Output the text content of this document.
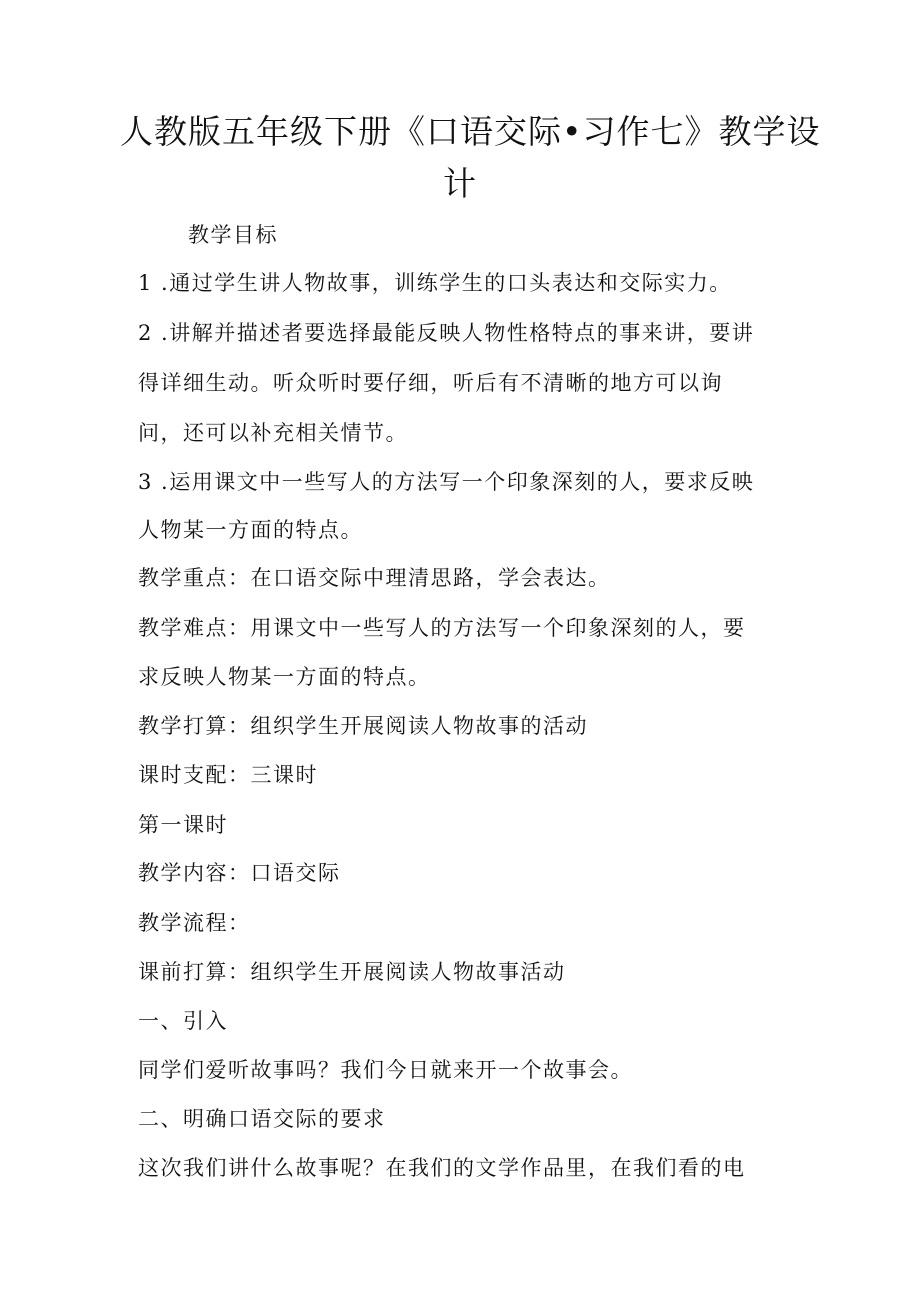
人教版五年级下册《口语交际•习作七》教学设
计
教学目标
1 .通过学生讲人物故事，训练学生的口头表达和交际实力。
2 .讲解并描述者要选择最能反映人物性格特点的事来讲，要讲
得详细生动。听众听时要仔细，听后有不清晰的地方可以询
问，还可以补充相关情节。
3 .运用课文中一些写人的方法写一个印象深刻的人，要求反映
人物某一方面的特点。
教学重点：在口语交际中理清思路，学会表达。
教学难点：用课文中一些写人的方法写一个印象深刻的人，要
求反映人物某一方面的特点。
教学打算：组织学生开展阅读人物故事的活动
课时支配：三课时
第一课时
教学内容：口语交际
教学流程：
课前打算：组织学生开展阅读人物故事活动
一、引入
同学们爱听故事吗？我们今日就来开一个故事会。
二、明确口语交际的要求
这次我们讲什么故事呢？在我们的文学作品里，在我们看的电
